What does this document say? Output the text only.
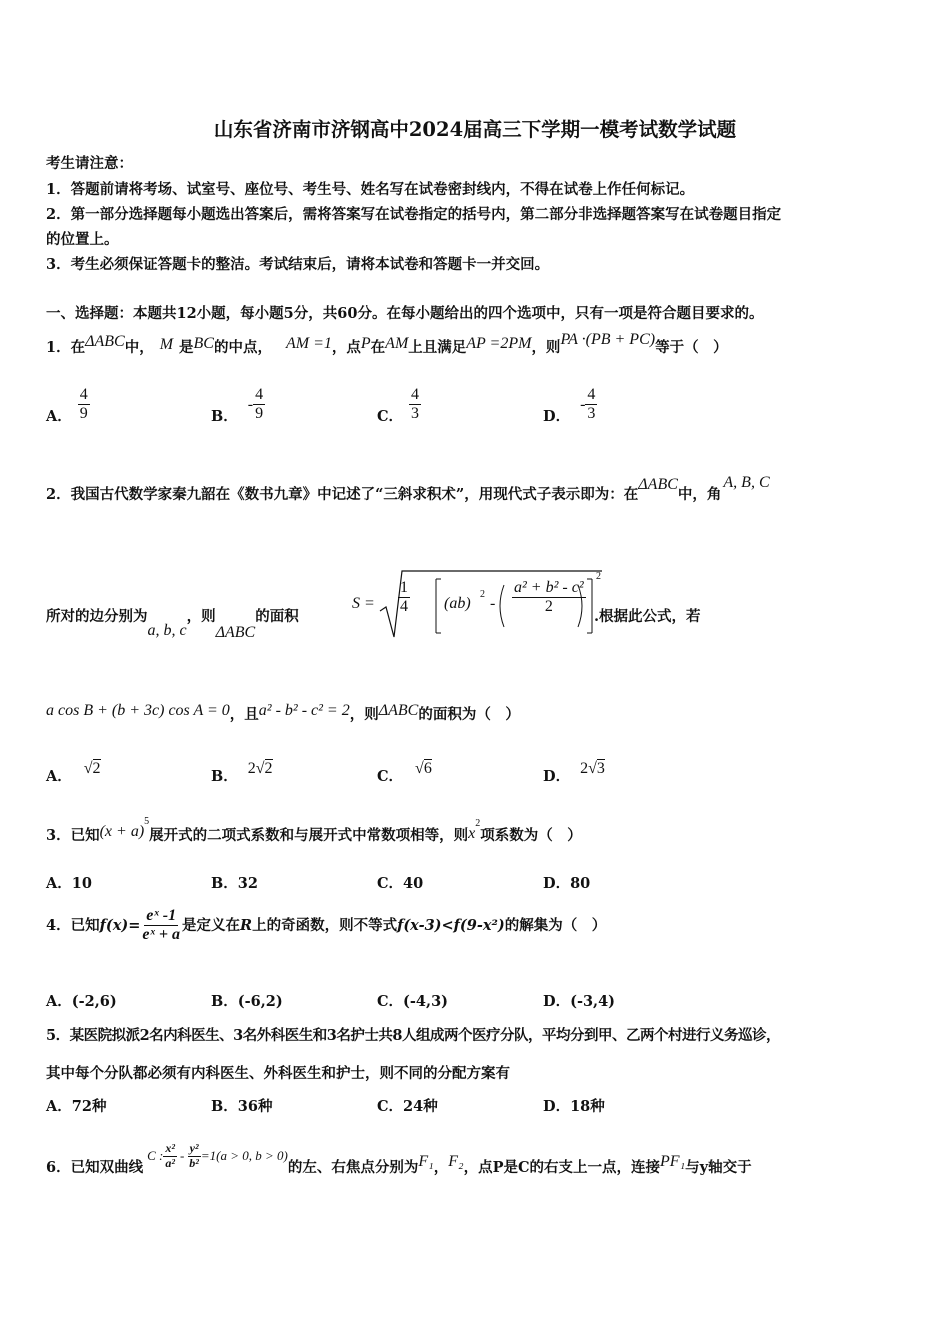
山东省济南市济钢高中2024届高三下学期一模考试数学试题
考生请注意：
1．答题前请将考场、试室号、座位号、考生号、姓名写在试卷密封线内，不得在试卷上作任何标记。
2．第一部分选择题每小题选出答案后，需将答案写在试卷指定的括号内，第二部分非选择题答案写在试卷题目指定
的位置上。
3．考生必须保证答题卡的整洁。考试结束后，请将本试卷和答题卡一并交回。
一、选择题：本题共12小题，每小题5分，共60分。在每小题给出的四个选项中，只有一项是符合题目要求的。
1．在ΔABC中， M 是BC的中点， AM =1，点P在AM上且满足AP =2PM，则PA ·(PB + PC)等于（　）
A． $\frac{4}{9}$	B．- $\frac{4}{9}$	C． $\frac{4}{3}$	D．- $\frac{4}{3}$
2．我国古代数学家秦九韶在《数书九章》中记述了“三斜求积术”，用现代式子表示即为：在ΔABC中，角A, B, C
所对的边分别为a, b, c，则ΔABC的面积
$S = \frac{1}{4} (ab)$
2
- $\frac{\text{a² + b² - c²}}{2}$
2
.根据此公式，若
a cos B + (b + 3c) cos A = 0，且a² - b² - c² = 2，则ΔABC的面积为（　）
A． √2	B． 2√2	C． √6	D． 2√3
3．已知$(x + a)^5$展开式的二项式系数和与展开式中常数项相等，则$x^2$项系数为（　）
A．10	B．32	C．40	D．80
4．已知$f(x)= \frac{\text{eˣ -1}}{\text{eˣ + a}}$ 是定义在R上的奇函数，则不等式f(x-3)<f(9-x²)的解集为（　）
A．(-2,6)	B．(-6,2)	C．(-4,3)	D．(-3,4)
5．某医院拟派2名内科医生、3名外科医生和3名护士共8人组成两个医疗分队，平均分到甲、乙两个村进行义务巡诊，
其中每个分队都必须有内科医生、外科医生和护士，则不同的分配方案有
A．72种	B．36种	C．24种	D．18种
6．已知双曲线C : $\frac{\text{x²}}{\text{a²}} - \frac{\text{y²}}{\text{b²}} =1(a > 0$, b > 0)的左、右焦点分别为F₁，F₂，点P是C的右支上一点，连接PF₁与y轴交于
